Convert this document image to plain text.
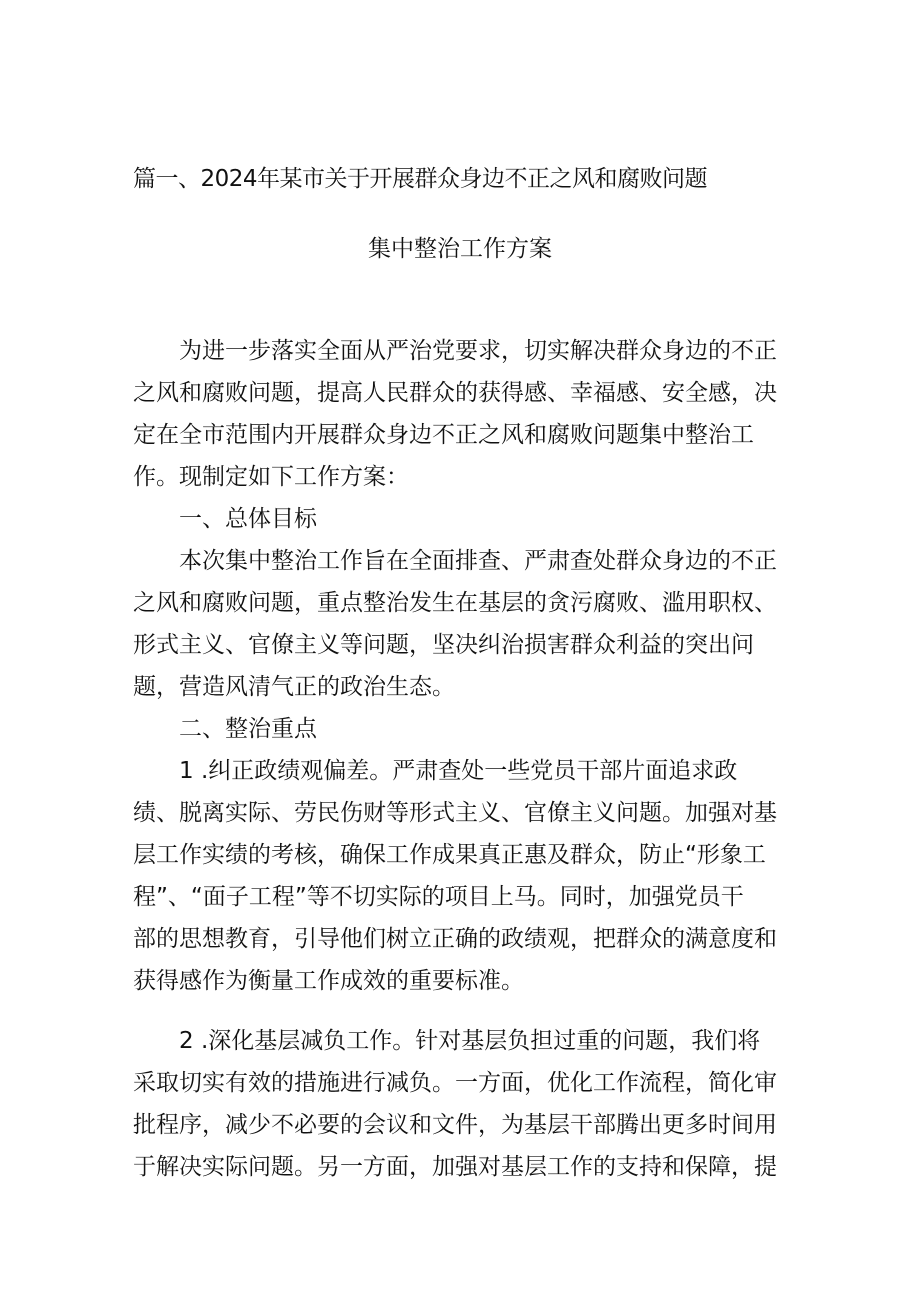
篇一、2024年某市关于开展群众身边不正之风和腐败问题
集中整治工作方案
为进一步落实全面从严治党要求，切实解决群众身边的不正
之风和腐败问题，提高人民群众的获得感、幸福感、安全感，决
定在全市范围内开展群众身边不正之风和腐败问题集中整治工
作。现制定如下工作方案：
一、总体目标
本次集中整治工作旨在全面排查、严肃查处群众身边的不正
之风和腐败问题，重点整治发生在基层的贪污腐败、滥用职权、
形式主义、官僚主义等问题，坚决纠治损害群众利益的突出问
题，营造风清气正的政治生态。
二、整治重点
1 .纠正政绩观偏差。严肃查处一些党员干部片面追求政
绩、脱离实际、劳民伤财等形式主义、官僚主义问题。加强对基
层工作实绩的考核，确保工作成果真正惠及群众，防止“形象工
程”、“面子工程”等不切实际的项目上马。同时，加强党员干
部的思想教育，引导他们树立正确的政绩观，把群众的满意度和
获得感作为衡量工作成效的重要标准。
2 .深化基层减负工作。针对基层负担过重的问题，我们将
采取切实有效的措施进行减负。一方面，优化工作流程，简化审
批程序，减少不必要的会议和文件，为基层干部腾出更多时间用
于解决实际问题。另一方面，加强对基层工作的支持和保障，提
